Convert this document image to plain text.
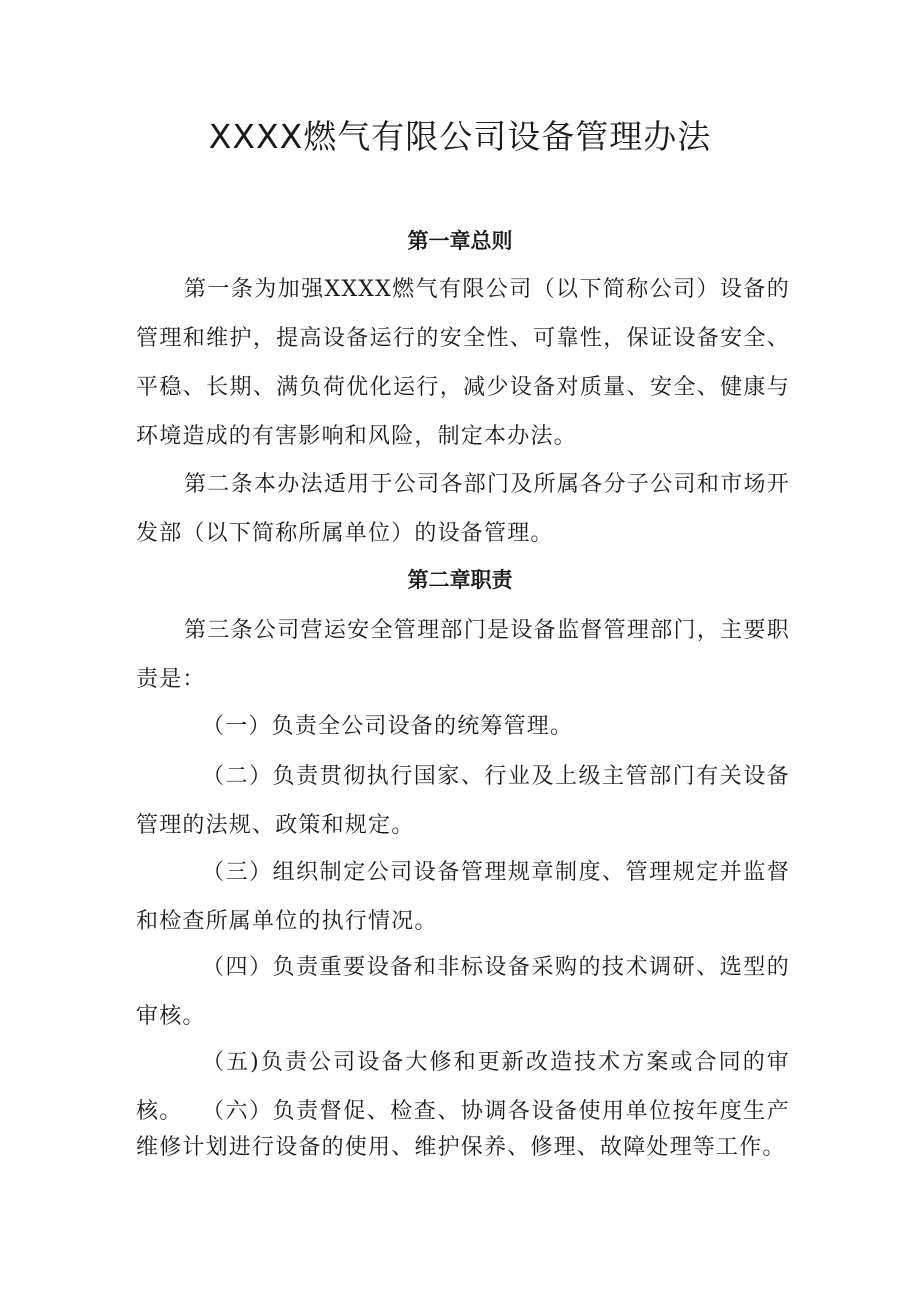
XXXX燃气有限公司设备管理办法
第一章总则

第一条为加强XXXX燃气有限公司（以下简称公司）设备的管理和维护，提高设备运行的安全性、可靠性，保证设备安全、平稳、长期、满负荷优化运行，减少设备对质量、安全、健康与环境造成的有害影响和风险，制定本办法。

第二条本办法适用于公司各部门及所属各分子公司和市场开发部（以下简称所属单位）的设备管理。

第二章职责

第三条公司营运安全管理部门是设备监督管理部门，主要职责是：

（一）负责全公司设备的统筹管理。

（二）负责贯彻执行国家、行业及上级主管部门有关设备管理的法规、政策和规定。

（三）组织制定公司设备管理规章制度、管理规定并监督和检查所属单位的执行情况。

（四）负责重要设备和非标设备采购的技术调研、选型的审核。

（五)负责公司设备大修和更新改造技术方案或合同的审核。 （六）负责督促、检查、协调各设备使用单位按年度生产维修计划进行设备的使用、维护保养、修理、故障处理等工作。
